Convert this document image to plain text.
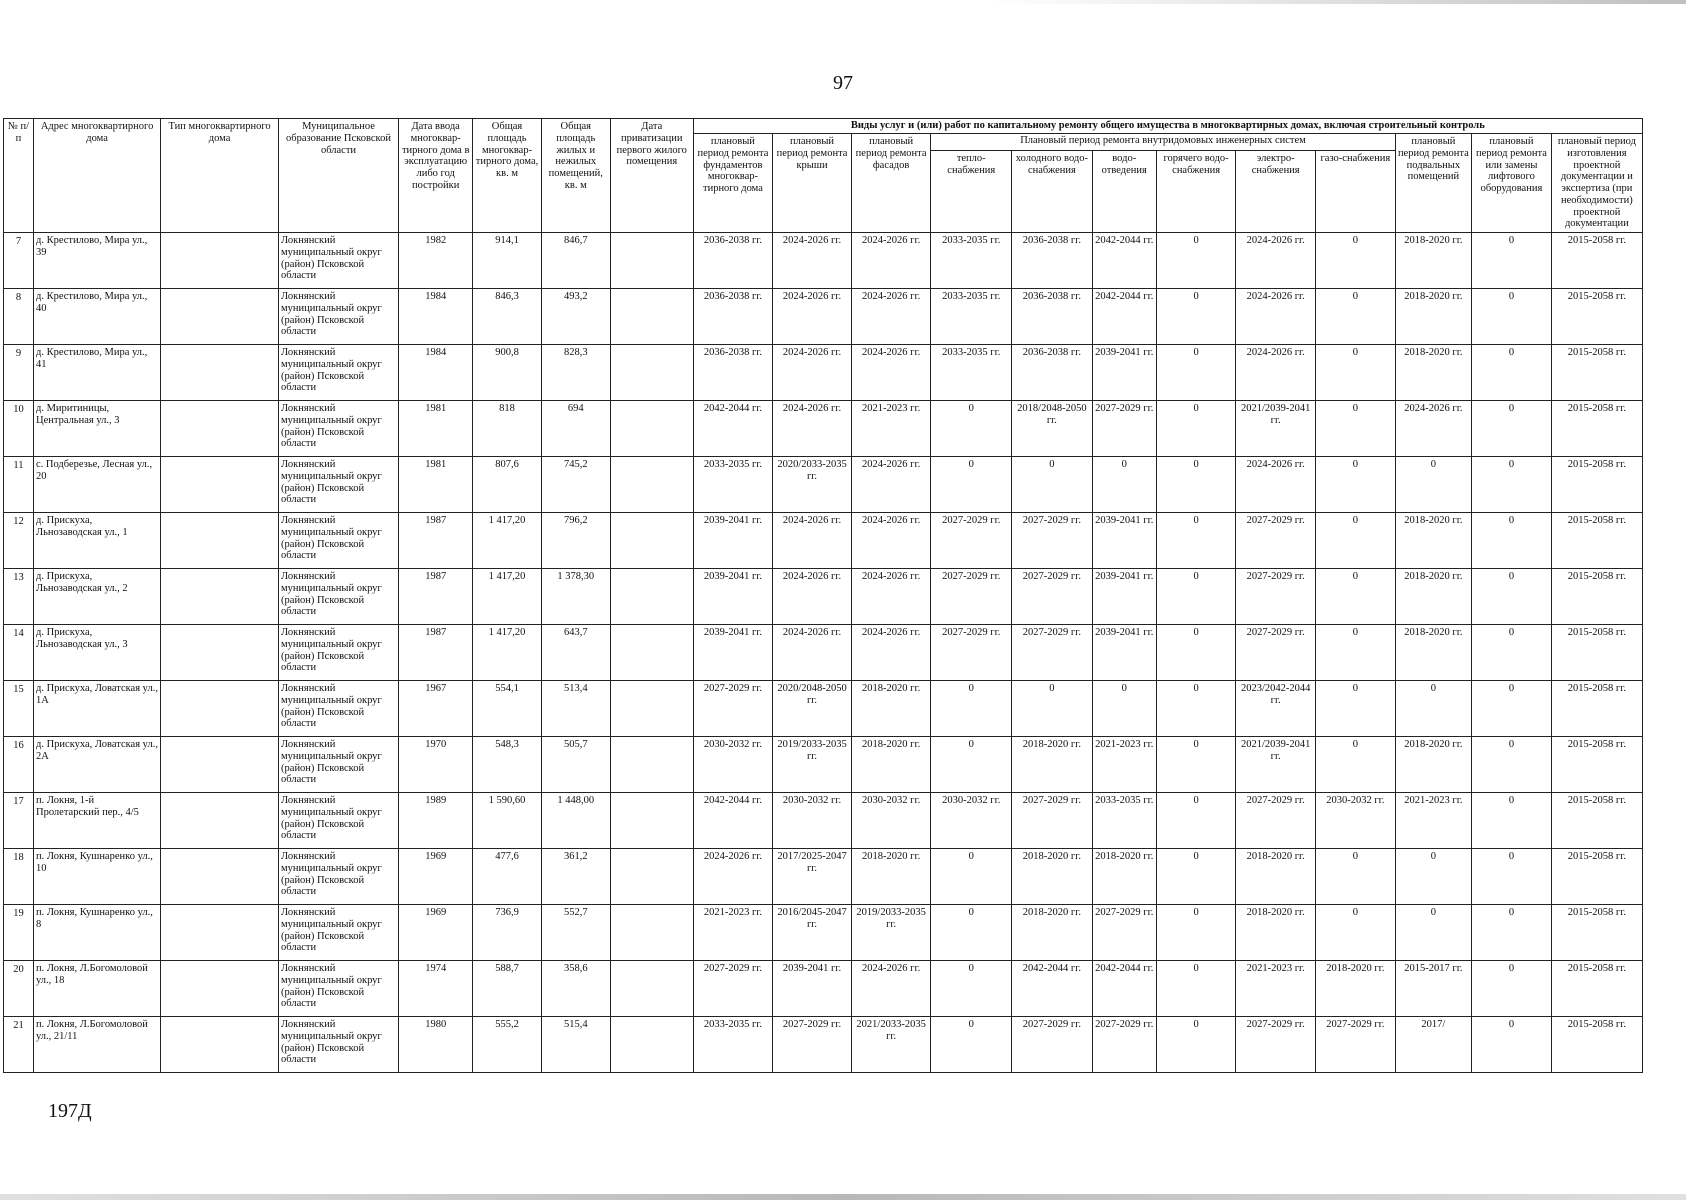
97
№ п/п	Адрес многоквартирного дома	Тип многоквартирного дома	Муниципальное образование Псковской области	Дата ввода многоквар-тирного дома в эксплуатацию либо год постройки	Общая площадь многоквар-тирного дома, кв. м	Общая площадь жилых и нежилых помещений, кв. м	Дата приватизации первого жилого помещения	Виды услуг и (или) работ по капитальному ремонту общего имущества в многоквартирных домах, включая строительный контроль											
								плановый период ремонта фундаментов многоквар-тирного дома	плановый период ремонта крыши	плановый период ремонта фасадов	Плановый период ремонта внутридомовых инженерных систем						плановый период ремонта подвальных помещений	плановый период ремонта или замены лифтового оборудования	плановый период изготовления проектной документации и экспертиза (при необходимости) проектной документации
											тепло-снабжения	холодного водо-снабжения	водо-отведения	горячего водо-снабжения	электро-снабжения	газо-снабжения			
7	д. Крестилово, Мира ул., 39		Локнянский муниципальный округ (район) Псковской области	1982	914,1	846,7		2036-2038 гг.	2024-2026 гг.	2024-2026 гг.	2033-2035 гг.	2036-2038 гг.	2042-2044 гг.	0	2024-2026 гг.	0	2018-2020 гг.	0	2015-2058 гг.
8	д. Крестилово, Мира ул., 40		Локнянский муниципальный округ (район) Псковской области	1984	846,3	493,2		2036-2038 гг.	2024-2026 гг.	2024-2026 гг.	2033-2035 гг.	2036-2038 гг.	2042-2044 гг.	0	2024-2026 гг.	0	2018-2020 гг.	0	2015-2058 гг.
9	д. Крестилово, Мира ул., 41		Локнянский муниципальный округ (район) Псковской области	1984	900,8	828,3		2036-2038 гг.	2024-2026 гг.	2024-2026 гг.	2033-2035 гг.	2036-2038 гг.	2039-2041 гг.	0	2024-2026 гг.	0	2018-2020 гг.	0	2015-2058 гг.
10	д. Миритиницы, Центральная ул., 3		Локнянский муниципальный округ (район) Псковской области	1981	818	694		2042-2044 гг.	2024-2026 гг.	2021-2023 гг.	0	2018/2048-2050 гг.	2027-2029 гг.	0	2021/2039-2041 гг.	0	2024-2026 гг.	0	2015-2058 гг.
11	с. Подберезье, Лесная ул., 20		Локнянский муниципальный округ (район) Псковской области	1981	807,6	745,2		2033-2035 гг.	2020/2033-2035 гг.	2024-2026 гг.	0	0	0	0	2024-2026 гг.	0	0	0	2015-2058 гг.
12	д. Прискуха, Льнозаводская ул., 1		Локнянский муниципальный округ (район) Псковской области	1987	1 417,20	796,2		2039-2041 гг.	2024-2026 гг.	2024-2026 гг.	2027-2029 гг.	2027-2029 гг.	2039-2041 гг.	0	2027-2029 гг.	0	2018-2020 гг.	0	2015-2058 гг.
13	д. Прискуха, Льнозаводская ул., 2		Локнянский муниципальный округ (район) Псковской области	1987	1 417,20	1 378,30		2039-2041 гг.	2024-2026 гг.	2024-2026 гг.	2027-2029 гг.	2027-2029 гг.	2039-2041 гг.	0	2027-2029 гг.	0	2018-2020 гг.	0	2015-2058 гг.
14	д. Прискуха, Льнозаводская ул., 3		Локнянский муниципальный округ (район) Псковской области	1987	1 417,20	643,7		2039-2041 гг.	2024-2026 гг.	2024-2026 гг.	2027-2029 гг.	2027-2029 гг.	2039-2041 гг.	0	2027-2029 гг.	0	2018-2020 гг.	0	2015-2058 гг.
15	д. Прискуха, Ловатская ул., 1А		Локнянский муниципальный округ (район) Псковской области	1967	554,1	513,4		2027-2029 гг.	2020/2048-2050 гг.	2018-2020 гг.	0	0	0	0	2023/2042-2044 гг.	0	0	0	2015-2058 гг.
16	д. Прискуха, Ловатская ул., 2А		Локнянский муниципальный округ (район) Псковской области	1970	548,3	505,7		2030-2032 гг.	2019/2033-2035 гг.	2018-2020 гг.	0	2018-2020 гг.	2021-2023 гг.	0	2021/2039-2041 гг.	0	2018-2020 гг.	0	2015-2058 гг.
17	п. Локня, 1-й Пролетарский пер., 4/5		Локнянский муниципальный округ (район) Псковской области	1989	1 590,60	1 448,00		2042-2044 гг.	2030-2032 гг.	2030-2032 гг.	2030-2032 гг.	2027-2029 гг.	2033-2035 гг.	0	2027-2029 гг.	2030-2032 гг.	2021-2023 гг.	0	2015-2058 гг.
18	п. Локня, Кушнаренко ул., 10		Локнянский муниципальный округ (район) Псковской области	1969	477,6	361,2		2024-2026 гг.	2017/2025-2047 гг.	2018-2020 гг.	0	2018-2020 гг.	2018-2020 гг.	0	2018-2020 гг.	0	0	0	2015-2058 гг.
19	п. Локня, Кушнаренко ул., 8		Локнянский муниципальный округ (район) Псковской области	1969	736,9	552,7		2021-2023 гг.	2016/2045-2047 гг.	2019/2033-2035 гг.	0	2018-2020 гг.	2027-2029 гг.	0	2018-2020 гг.	0	0	0	2015-2058 гг.
20	п. Локня, Л.Богомоловой ул., 18		Локнянский муниципальный округ (район) Псковской области	1974	588,7	358,6		2027-2029 гг.	2039-2041 гг.	2024-2026 гг.	0	2042-2044 гг.	2042-2044 гг.	0	2021-2023 гг.	2018-2020 гг.	2015-2017 гг.	0	2015-2058 гг.
21	п. Локня, Л.Богомоловой ул., 21/11		Локнянский муниципальный округ (район) Псковской области	1980	555,2	515,4		2033-2035 гг.	2027-2029 гг.	2021/2033-2035 гг.	0	2027-2029 гг.	2027-2029 гг.	0	2027-2029 гг.	2027-2029 гг.	2017/	0	2015-2058 гг.
197Д
